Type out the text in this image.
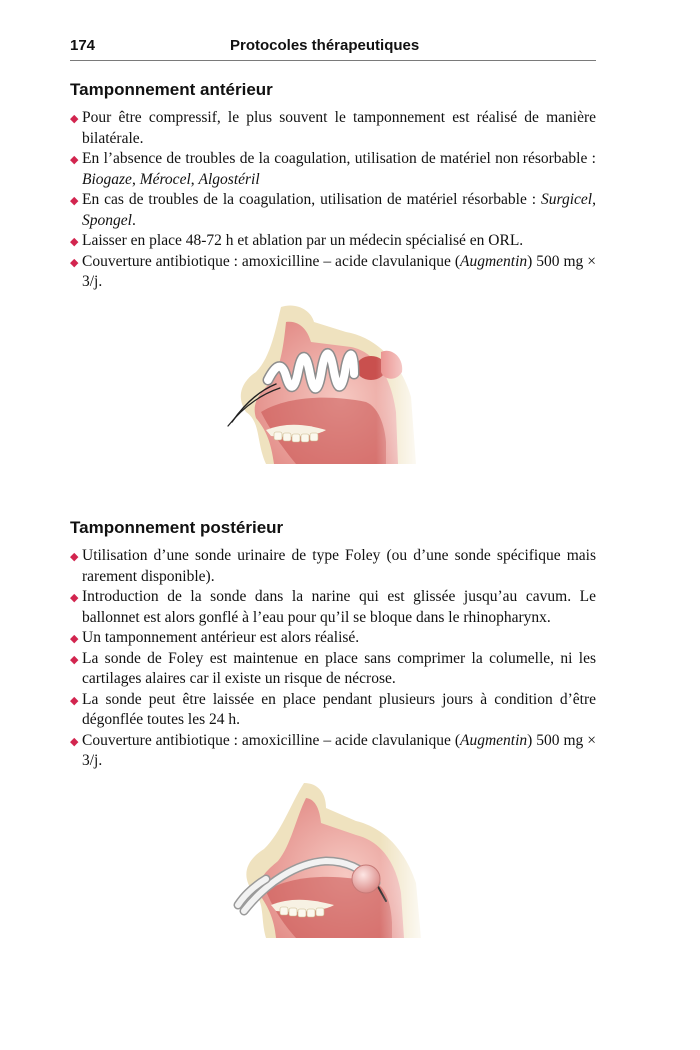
174	Protocoles thérapeutiques
Tamponnement antérieur
◆ Pour être compressif, le plus souvent le tamponnement est réalisé de manière bilatérale.
◆ En l’absence de troubles de la coagulation, utilisation de matériel non résorbable : Biogaze, Mérocel, Algostéril
◆ En cas de troubles de la coagulation, utilisation de matériel résorbable : Surgicel, Spongel.
◆ Laisser en place 48-72 h et ablation par un médecin spécialisé en ORL.
◆ Couverture antibiotique : amoxicilline – acide clavulanique (Augmentin) 500 mg × 3/j.
Tamponnement postérieur
◆ Utilisation d’une sonde urinaire de type Foley (ou d’une sonde spécifique mais rarement disponible).
◆ Introduction de la sonde dans la narine qui est glissée jusqu’au cavum. Le ballonnet est alors gonflé à l’eau pour qu’il se bloque dans le rhinopharynx.
◆ Un tamponnement antérieur est alors réalisé.
◆ La sonde de Foley est maintenue en place sans comprimer la columelle, ni les cartilages alaires car il existe un risque de nécrose.
◆ La sonde peut être laissée en place pendant plusieurs jours à condition d’être dégonflée toutes les 24 h.
◆ Couverture antibiotique : amoxicilline – acide clavulanique (Augmentin) 500 mg × 3/j.
